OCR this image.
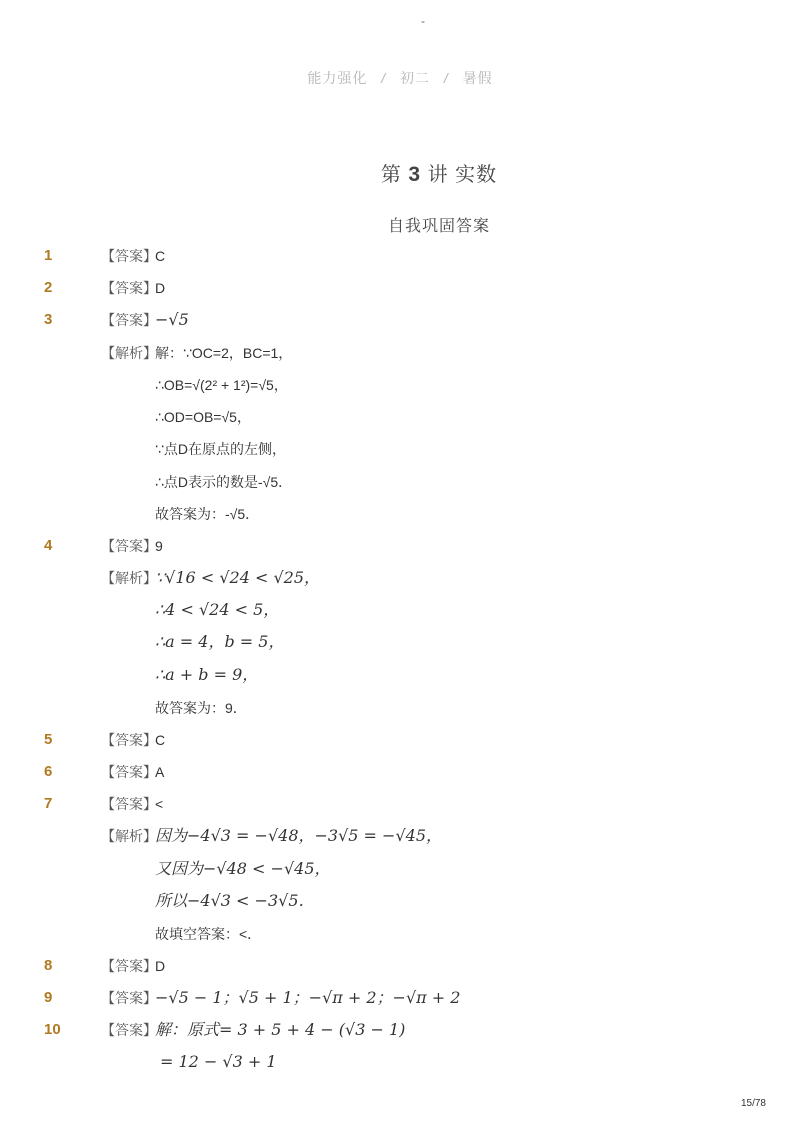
-
能力强化 / 初二 / 暑假
第 3 讲 实数
自我巩固答案
1	【答案】
C
2	【答案】
D
3	【答案】
−√5
【解析】
解：∵OC=2，BC=1，
∴OB=√(2² + 1²)=√5，
∴OD=OB=√5，
∵点D在原点的左侧，
∴点D表示的数是-√5．
故答案为：-√5．
4	【答案】
9
【解析】
∵√16 < √24 < √25，
∴4 < √24 < 5，
∴a = 4，b = 5，
∴a + b = 9，
故答案为：9．
5	【答案】
C
6	【答案】
A
7	【答案】
<
【解析】
因为−4√3 = −√48，−3√5 = −√45，
又因为−√48 < −√45，
所以−4√3 < −3√5．
故填空答案：<．
8	【答案】
D
9	【答案】
−√5 − 1；√5 + 1；−√π + 2；−√π + 2
10	【答案】
解：原式= 3 + 5 + 4 − (√3 − 1)
= 12 − √3 + 1
15/78
